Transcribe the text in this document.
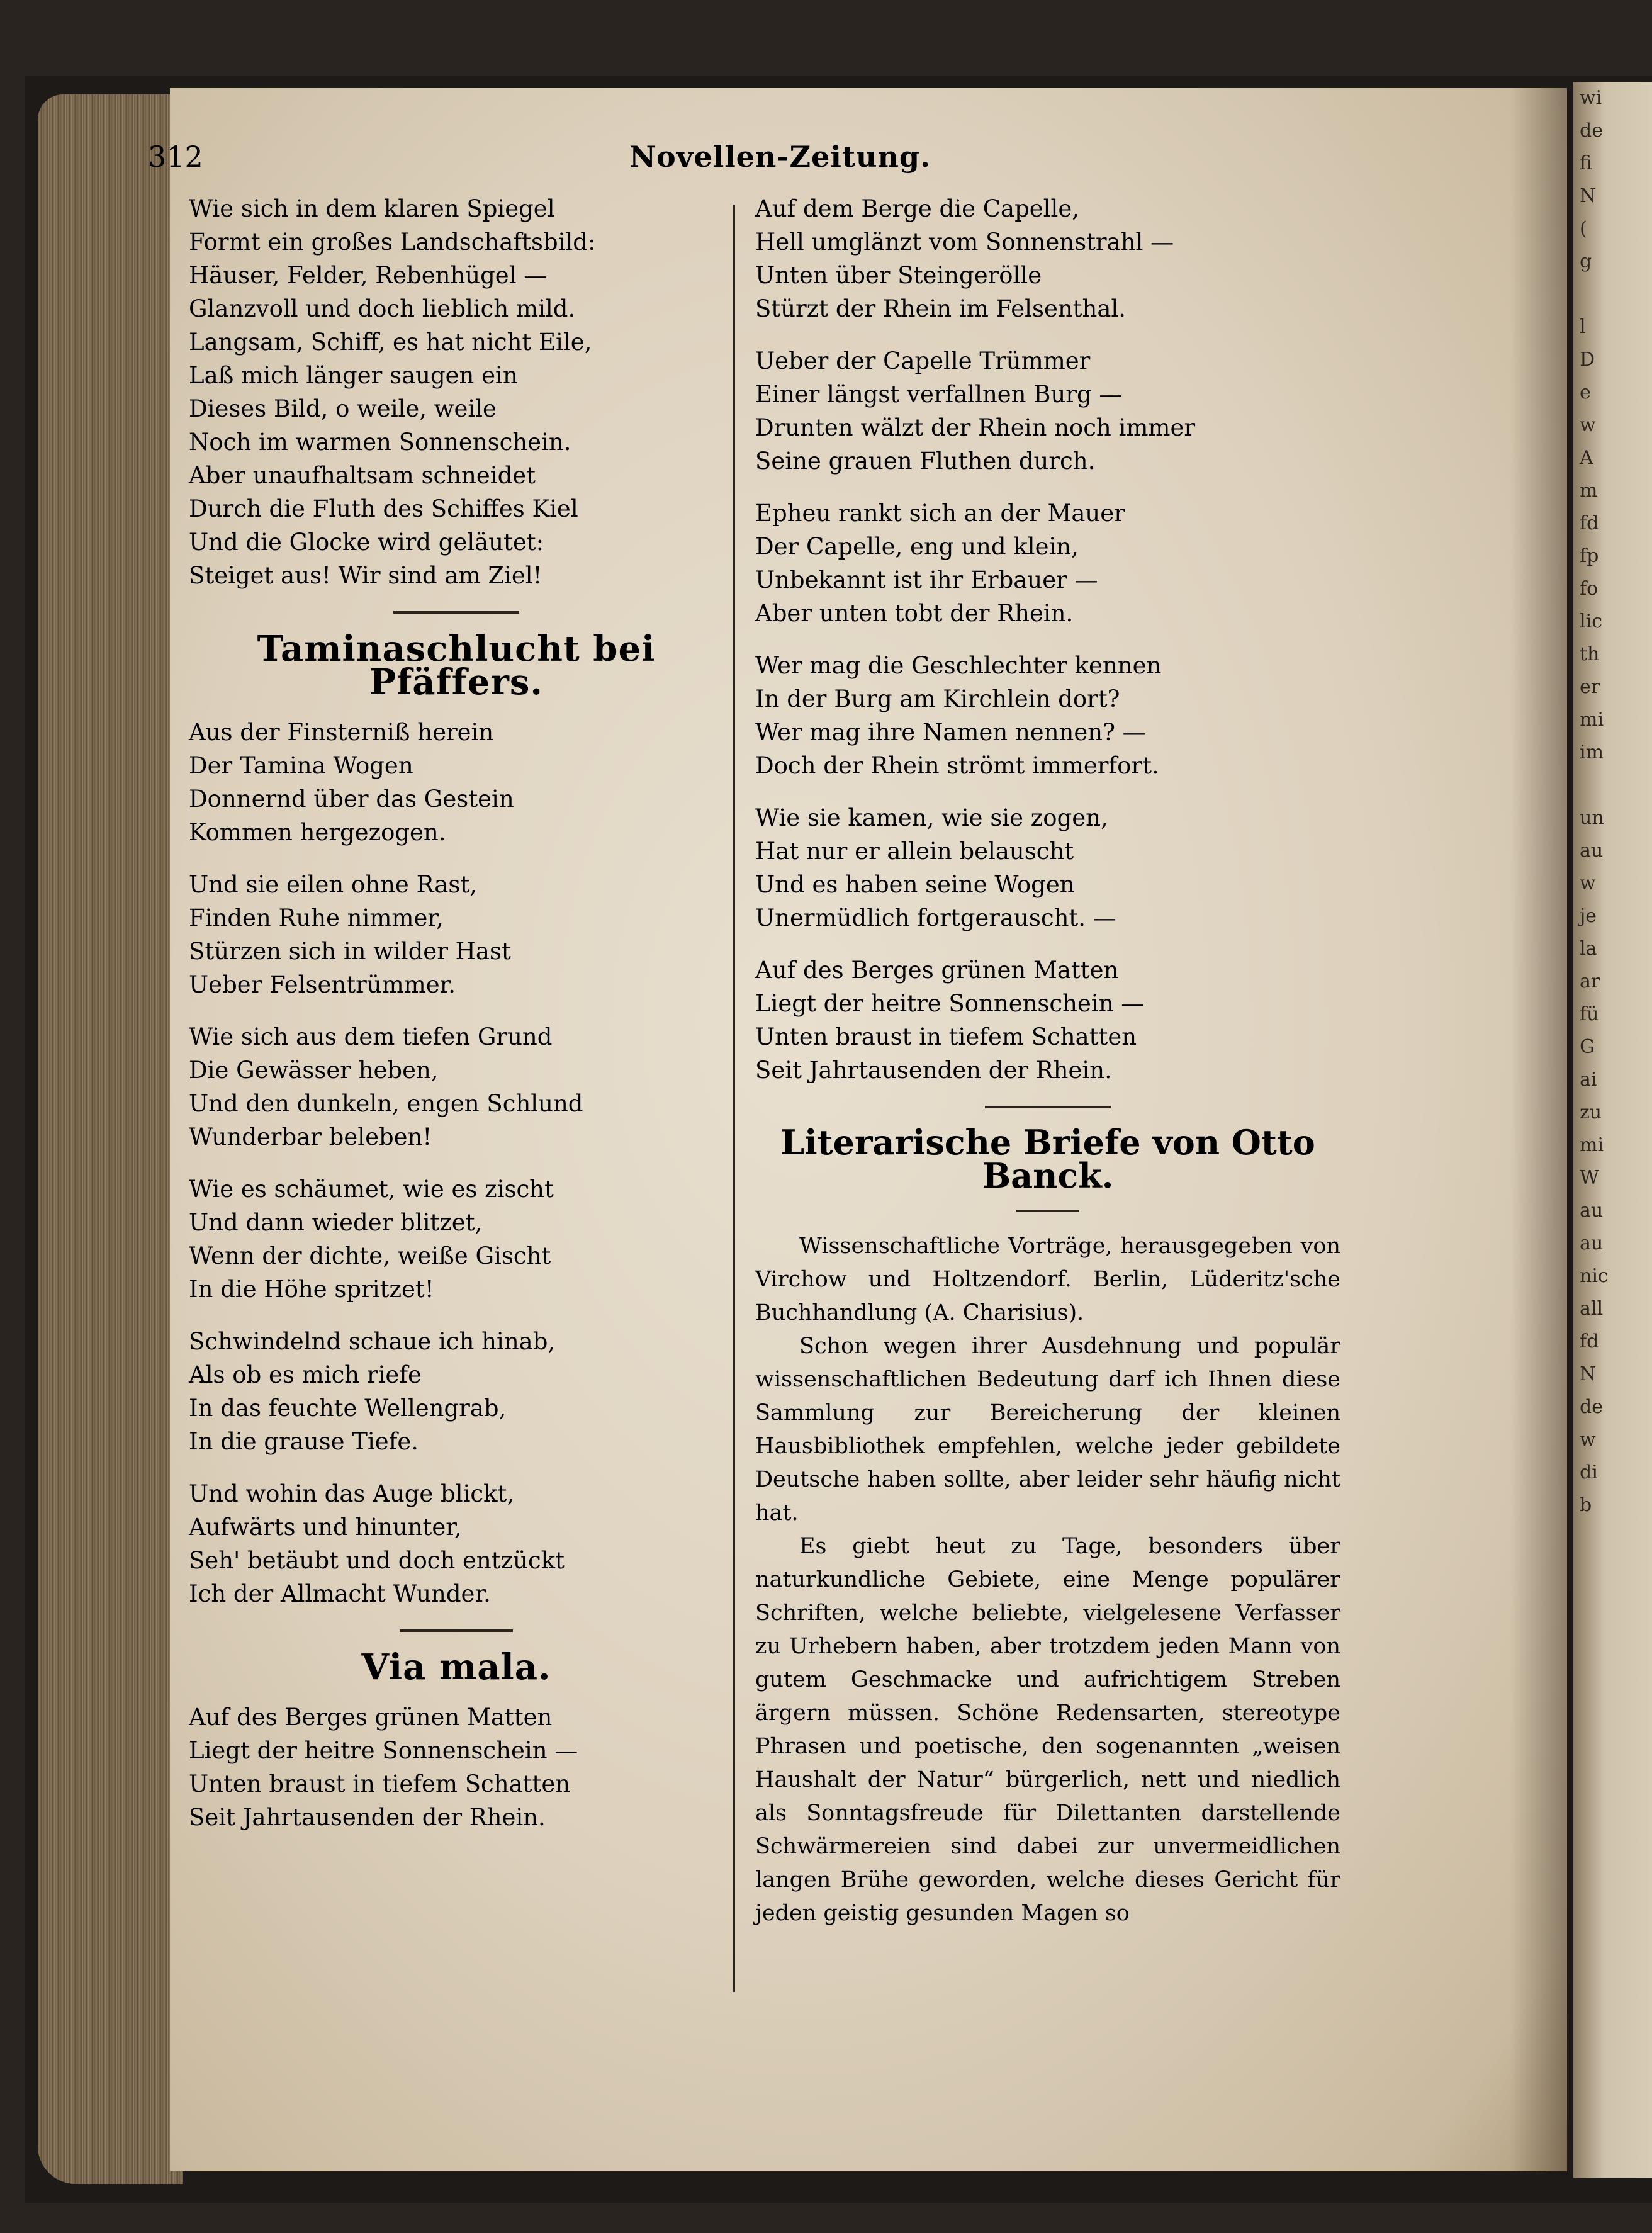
wi
de
fi
N
(
g

l
D
e
w
A
m
fd
fp
fo
lic
th
er
mi
im

un
au
w
je
la
ar
fü
G
ai
zu
mi
W
au
au
nic
all
fd
N
de
w
di
b
312	Novellen-Zeitung.
Wie sich in dem klaren Spiegel
Formt ein großes Landschaftsbild:
Häuser, Felder, Rebenhügel —
Glanzvoll und doch lieblich mild.
Langsam, Schiff, es hat nicht Eile,
Laß mich länger saugen ein
Dieses Bild, o weile, weile
Noch im warmen Sonnenschein.
Aber unaufhaltsam schneidet
Durch die Fluth des Schiffes Kiel
Und die Glocke wird geläutet:
Steiget aus! Wir sind am Ziel!
Taminaschlucht bei Pfäffers.
Aus der Finsterniß herein
Der Tamina Wogen
Donnernd über das Gestein
Kommen hergezogen.
Und sie eilen ohne Rast,
Finden Ruhe nimmer,
Stürzen sich in wilder Hast
Ueber Felsentrümmer.
Wie sich aus dem tiefen Grund
Die Gewässer heben,
Und den dunkeln, engen Schlund
Wunderbar beleben!
Wie es schäumet, wie es zischt
Und dann wieder blitzet,
Wenn der dichte, weiße Gischt
In die Höhe spritzet!
Schwindelnd schaue ich hinab,
Als ob es mich riefe
In das feuchte Wellengrab,
In die grause Tiefe.
Und wohin das Auge blickt,
Aufwärts und hinunter,
Seh' betäubt und doch entzückt
Ich der Allmacht Wunder.
Via mala.
Auf des Berges grünen Matten
Liegt der heitre Sonnenschein —
Unten braust in tiefem Schatten
Seit Jahrtausenden der Rhein.
Auf dem Berge die Capelle,
Hell umglänzt vom Sonnenstrahl —
Unten über Steingeröllе
Stürzt der Rhein im Felsenthal.
Ueber der Capelle Trümmer
Einer längst verfallnen Burg —
Drunten wälzt der Rhein noch immer
Seine grauen Fluthen durch.
Epheu rankt sich an der Mauer
Der Capelle, eng und klein,
Unbekannt ist ihr Erbauer —
Aber unten tobt der Rhein.
Wer mag die Geschlechter kennen
In der Burg am Kirchlein dort?
Wer mag ihre Namen nennen? —
Doch der Rhein strömt immerfort.
Wie sie kamen, wie sie zogen,
Hat nur er allein belauscht
Und es haben seine Wogen
Unermüdlich fortgerauscht. —
Auf des Berges grünen Matten
Liegt der heitre Sonnenschein —
Unten braust in tiefem Schatten
Seit Jahrtausenden der Rhein.
Literarische Briefe von Otto Banck.

Wissenschaftliche Vorträge, herausgegeben von Virchow und Holtzendorf. Berlin, Lüderitz'sche Buchhandlung (A. Charisius).

Schon wegen ihrer Ausdehnung und populär wissenschaftlichen Bedeutung darf ich Ihnen diese Sammlung zur Bereicherung der kleinen Hausbibliothek empfehlen, welche jeder gebildete Deutsche haben sollte, aber leider sehr häufig nicht hat.

Es giebt heut zu Tage, besonders über naturkundliche Gebiete, eine Menge populärer Schriften, welche beliebte, vielgelesene Verfasser zu Urhebern haben, aber trotzdem jeden Mann von gutem Geschmacke und aufrichtigem Streben ärgern müssen. Schöne Redensarten, stereotype Phrasen und poetische, den sogenannten „weisen Haushalt der Natur“ bürgerlich, nett und niedlich als Sonntagsfreude für Dilettanten darstellende Schwärmereien sind dabei zur unvermeidlichen langen Brühe geworden, welche dieses Gericht für jeden geistig gesunden Magen so
